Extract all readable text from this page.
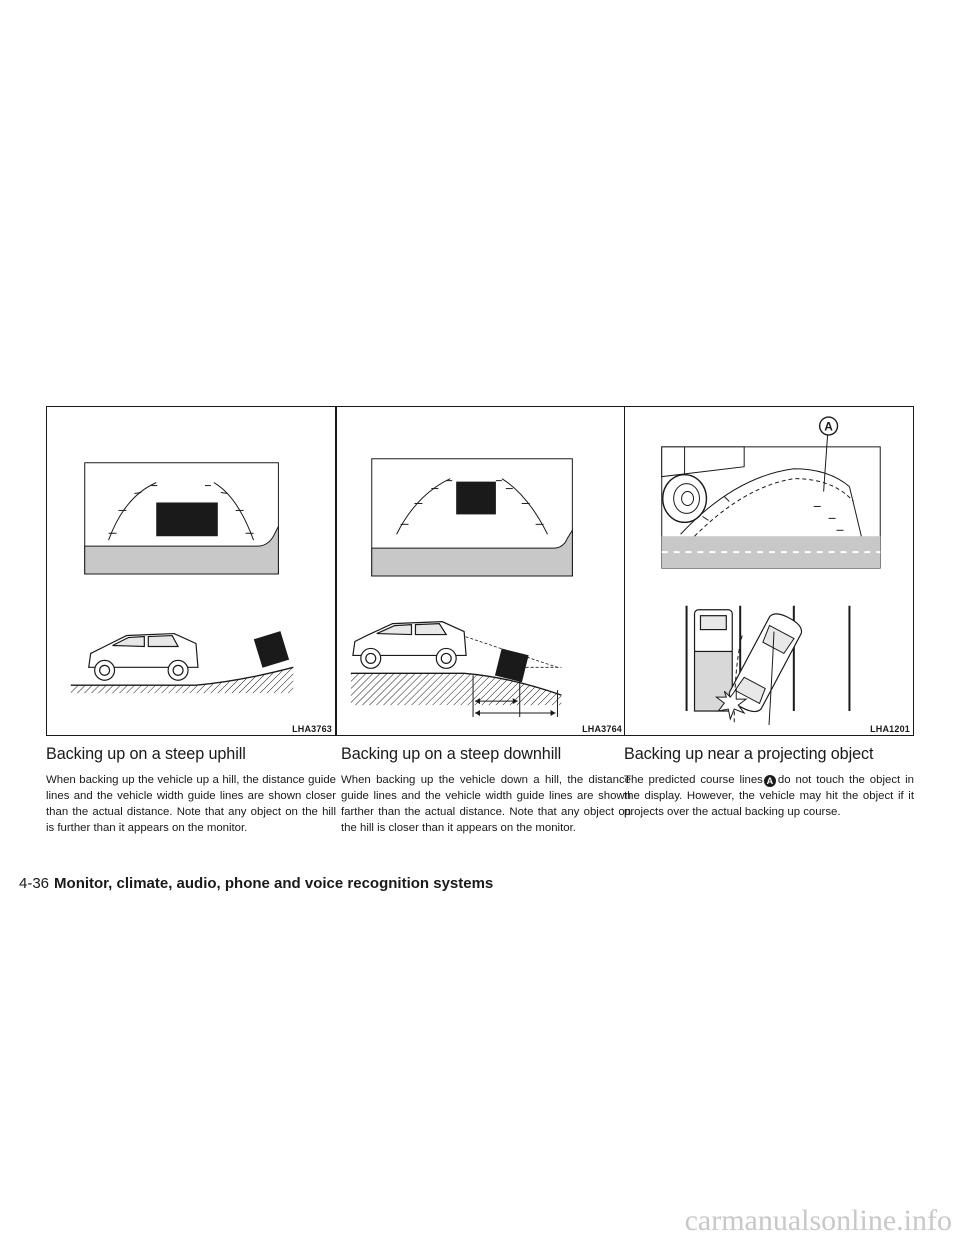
LHA3763	LHA3764
A
LHA1201
Backing up on a steep uphill

When backing up the vehicle up a hill, the distance guide lines and the vehicle width guide lines are shown closer than the actual distance. Note that any object on the hill is further than it appears on the monitor.

Backing up on a steep downhill

When backing up the vehicle down a hill, the distance guide lines and the vehicle width guide lines are shown farther than the actual distance. Note that any object on the hill is closer than it appears on the monitor.

Backing up near a projecting object

The predicted course lines A do not touch the object in the display. However, the vehicle may hit the object if it projects over the actual backing up course.

4-36 Monitor, climate, audio, phone and voice recognition systems
carmanualsonline.info
